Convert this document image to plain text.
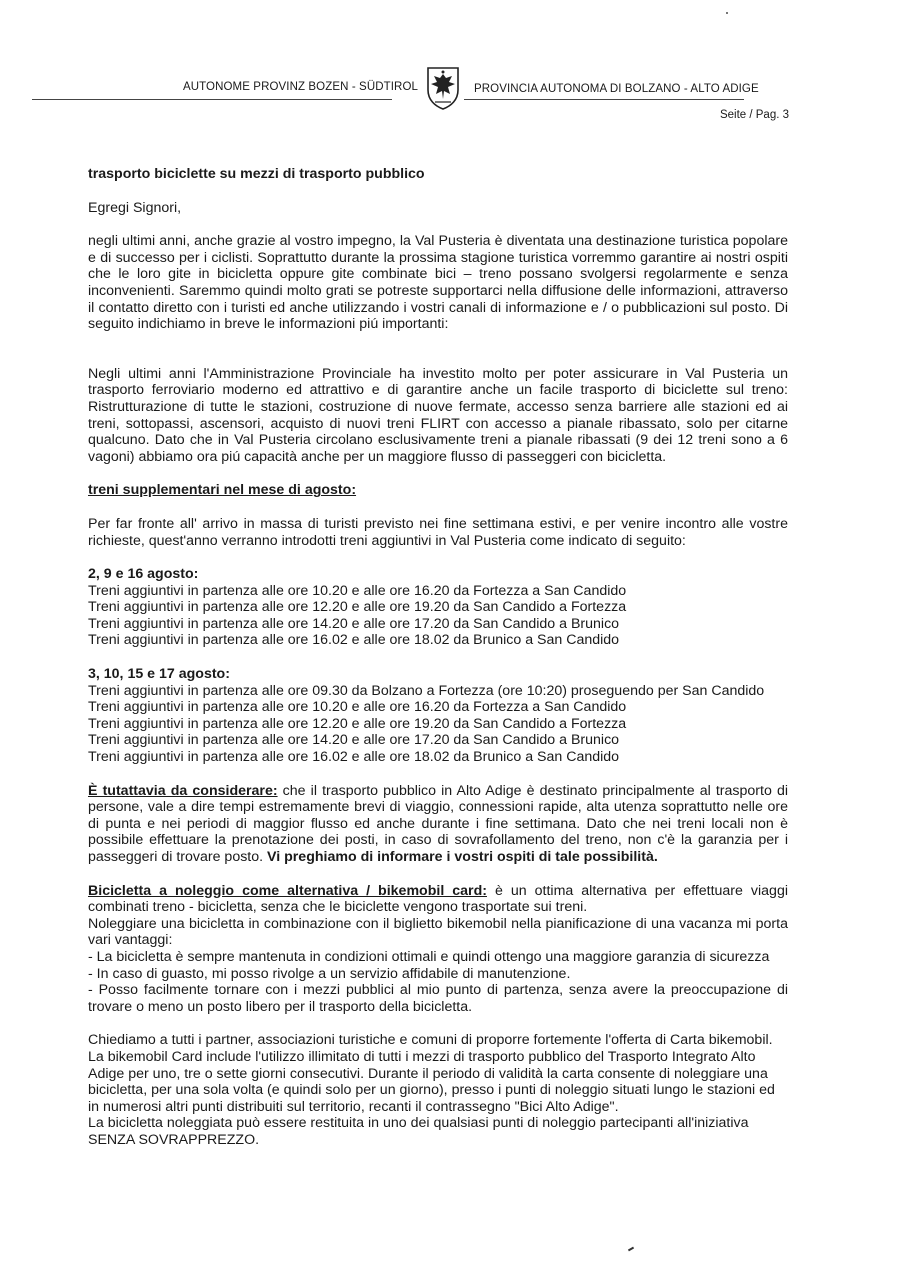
AUTONOME PROVINZ BOZEN - SÜDTIROL	PROVINCIA AUTONOMA DI BOLZANO - ALTO ADIGE
Seite / Pag. 3

trasporto biciclette su mezzi di trasporto pubblico

Egregi Signori,

negli ultimi anni, anche grazie al vostro impegno, la Val Pusteria è diventata una destinazione turistica popolare e di successo per i ciclisti. Soprattutto durante la prossima stagione turistica vorremmo garantire ai nostri ospiti che le loro gite in bicicletta oppure gite combinate bici – treno possano svolgersi regolarmente e senza inconvenienti. Saremmo quindi molto grati se potreste supportarci nella diffusione delle informazioni, attraverso il contatto diretto con i turisti ed anche utilizzando i vostri canali di informazione e / o pubblicazioni sul posto. Di seguito indichiamo in breve le informazioni piú importanti:

Negli ultimi anni l'Amministrazione Provinciale ha investito molto per poter assicurare in Val Pusteria un trasporto ferroviario moderno ed attrattivo e di garantire anche un facile trasporto di biciclette sul treno: Ristrutturazione di tutte le stazioni, costruzione di nuove fermate, accesso senza barriere alle stazioni ed ai treni, sottopassi, ascensori, acquisto di nuovi treni FLIRT con accesso a pianale ribassato, solo per citarne qualcuno. Dato che in Val Pusteria circolano esclusivamente treni a pianale ribassati (9 dei 12 treni sono a 6 vagoni) abbiamo ora piú capacità anche per un maggiore flusso di passeggeri con bicicletta.

treni supplementari nel mese di agosto:

Per far fronte all' arrivo in massa di turisti previsto nei fine settimana estivi, e per venire incontro alle vostre richieste, quest'anno verranno introdotti treni aggiuntivi in Val Pusteria come indicato di seguito:

2, 9 e 16 agosto:
Treni aggiuntivi in partenza alle ore 10.20 e alle ore 16.20 da Fortezza a San Candido
Treni aggiuntivi in partenza alle ore 12.20 e alle ore 19.20 da San Candido a Fortezza
Treni aggiuntivi in partenza alle ore 14.20 e alle ore 17.20 da San Candido a Brunico
Treni aggiuntivi in partenza alle ore 16.02 e alle ore 18.02 da Brunico a San Candido
3, 10, 15 e 17 agosto:
Treni aggiuntivi in partenza alle ore 09.30 da Bolzano a Fortezza (ore 10:20) proseguendo per San Candido
Treni aggiuntivi in partenza alle ore 10.20 e alle ore 16.20 da Fortezza a San Candido
Treni aggiuntivi in partenza alle ore 12.20 e alle ore 19.20 da San Candido a Fortezza
Treni aggiuntivi in partenza alle ore 14.20 e alle ore 17.20 da San Candido a Brunico
Treni aggiuntivi in partenza alle ore 16.02 e alle ore 18.02 da Brunico a San Candido

È tutattavia da considerare: che il trasporto pubblico in Alto Adige è destinato principalmente al trasporto di persone, vale a dire tempi estremamente brevi di viaggio, connessioni rapide, alta utenza soprattutto nelle ore di punta e nei periodi di maggior flusso ed anche durante i fine settimana. Dato che nei treni locali non è possibile effettuare la prenotazione dei posti, in caso di sovrafollamento del treno, non c'è la garanzia per i passeggeri di trovare posto. Vi preghiamo di informare i vostri ospiti di tale possibilità.

Bicicletta a noleggio come alternativa / bikemobil card: è un ottima alternativa per effettuare viaggi combinati treno - bicicletta, senza che le biciclette vengono trasportate sui treni.

Noleggiare una bicicletta in combinazione con il biglietto bikemobil nella pianificazione di una vacanza mi porta vari vantaggi:

- La bicicletta è sempre mantenuta in condizioni ottimali e quindi ottengo una maggiore garanzia di sicurezza

- In caso di guasto, mi posso rivolge a un servizio affidabile di manutenzione.

- Posso facilmente tornare con i mezzi pubblici al mio punto di partenza, senza avere la preoccupazione di trovare o meno un posto libero per il trasporto della bicicletta.

Chiediamo a tutti i partner, associazioni turistiche e comuni di proporre fortemente l'offerta di Carta bikemobil. La bikemobil Card include l'utilizzo illimitato di tutti i mezzi di trasporto pubblico del Trasporto Integrato Alto Adige per uno, tre o sette giorni consecutivi. Durante il periodo di validità la carta consente di noleggiare una bicicletta, per una sola volta (e quindi solo per un giorno), presso i punti di noleggio situati lungo le stazioni ed in numerosi altri punti distribuiti sul territorio, recanti il contrassegno "Bici Alto Adige".

La bicicletta noleggiata può essere restituita in uno dei qualsiasi punti di noleggio partecipanti all'iniziativa SENZA SOVRAPPREZZO.
